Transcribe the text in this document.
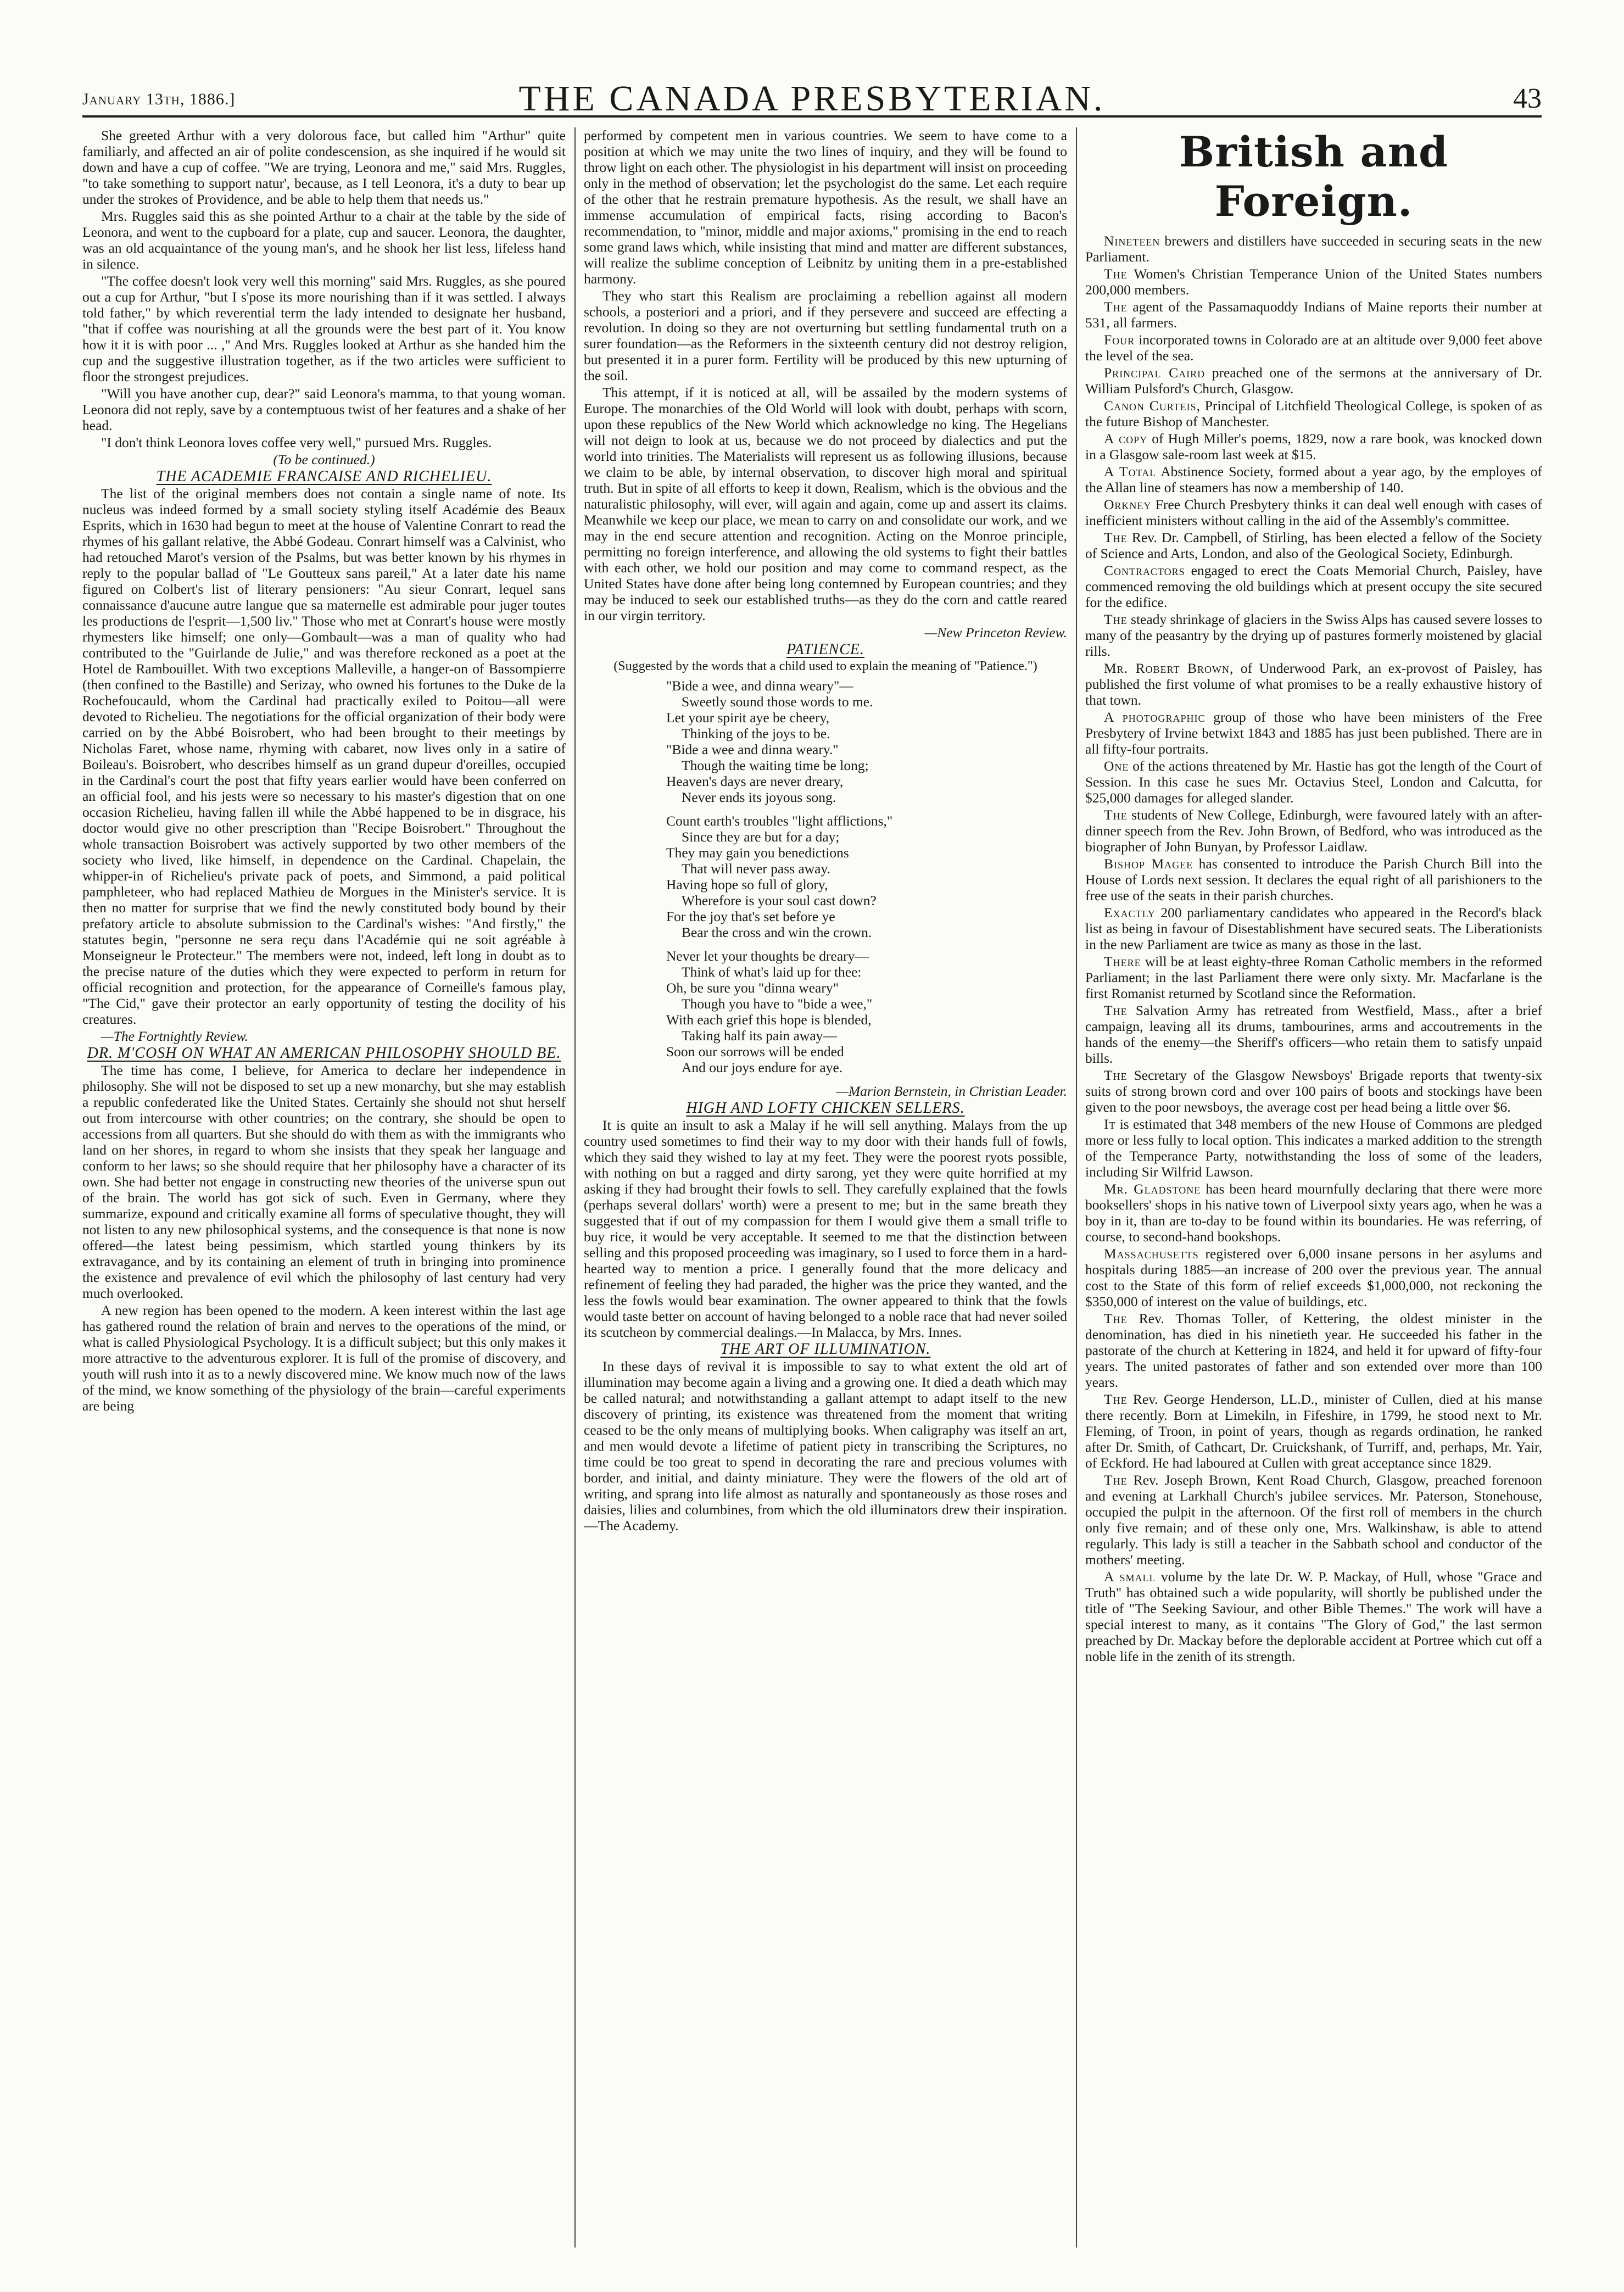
January 13th, 1886.]	THE CANADA PRESBYTERIAN.	43

She greeted Arthur with a very dolorous face, but called him "Arthur" quite familiarly, and affected an air of polite condescension, as she inquired if he would sit down and have a cup of coffee. "We are trying, Leonora and me," said Mrs. Ruggles, "to take something to support natur', because, as I tell Leonora, it's a duty to bear up under the strokes of Providence, and be able to help them that needs us."

Mrs. Ruggles said this as she pointed Arthur to a chair at the table by the side of Leonora, and went to the cupboard for a plate, cup and saucer. Leonora, the daughter, was an old acquaintance of the young man's, and he shook her list less, lifeless hand in silence.

"The coffee doesn't look very well this morning" said Mrs. Ruggles, as she poured out a cup for Arthur, "but I s'pose its more nourishing than if it was settled. I always told father," by which reverential term the lady intended to designate her husband, "that if coffee was nourishing at all the grounds were the best part of it. You know how it it is with poor ... ," And Mrs. Ruggles looked at Arthur as she handed him the cup and the suggestive illustration together, as if the two articles were sufficient to floor the strongest prejudices.

"Will you have another cup, dear?" said Leonora's mamma, to that young woman. Leonora did not reply, save by a contemptuous twist of her features and a shake of her head.

"I don't think Leonora loves coffee very well," pursued Mrs. Ruggles.

(To be continued.)

THE ACADEMIE FRANCAISE AND RICHELIEU.

The list of the original members does not contain a single name of note. Its nucleus was indeed formed by a small society styling itself Académie des Beaux Esprits, which in 1630 had begun to meet at the house of Valentine Conrart to read the rhymes of his gallant relative, the Abbé Godeau. Conrart himself was a Calvinist, who had retouched Marot's version of the Psalms, but was better known by his rhymes in reply to the popular ballad of "Le Goutteux sans pareil," At a later date his name figured on Colbert's list of literary pensioners: "Au sieur Conrart, lequel sans connaissance d'aucune autre langue que sa maternelle est admirable pour juger toutes les productions de l'esprit—1,500 liv." Those who met at Conrart's house were mostly rhymesters like himself; one only—Gombault—was a man of quality who had contributed to the "Guirlande de Julie," and was therefore reckoned as a poet at the Hotel de Rambouillet. With two exceptions Malleville, a hanger-on of Bassompierre (then confined to the Bastille) and Serizay, who owned his fortunes to the Duke de la Rochefoucauld, whom the Cardinal had practically exiled to Poitou—all were devoted to Richelieu. The negotiations for the official organization of their body were carried on by the Abbé Boisrobert, who had been brought to their meetings by Nicholas Faret, whose name, rhyming with cabaret, now lives only in a satire of Boileau's. Boisrobert, who describes himself as un grand dupeur d'oreilles, occupied in the Cardinal's court the post that fifty years earlier would have been conferred on an official fool, and his jests were so necessary to his master's digestion that on one occasion Richelieu, having fallen ill while the Abbé happened to be in disgrace, his doctor would give no other prescription than "Recipe Boisrobert." Throughout the whole transaction Boisrobert was actively supported by two other members of the society who lived, like himself, in dependence on the Cardinal. Chapelain, the whipper-in of Richelieu's private pack of poets, and Simmond, a paid political pamphleteer, who had replaced Mathieu de Morgues in the Minister's service. It is then no matter for surprise that we find the newly constituted body bound by their prefatory article to absolute submission to the Cardinal's wishes: "And firstly," the statutes begin, "personne ne sera reçu dans l'Académie qui ne soit agréable à Monseigneur le Protecteur." The members were not, indeed, left long in doubt as to the precise nature of the duties which they were expected to perform in return for official recognition and protection, for the appearance of Corneille's famous play, "The Cid," gave their protector an early opportunity of testing the docility of his creatures.

—The Fortnightly Review.

DR. M'COSH ON WHAT AN AMERICAN PHILOSOPHY SHOULD BE.

The time has come, I believe, for America to declare her independence in philosophy. She will not be disposed to set up a new monarchy, but she may establish a republic confederated like the United States. Certainly she should not shut herself out from intercourse with other countries; on the contrary, she should be open to accessions from all quarters. But she should do with them as with the immigrants who land on her shores, in regard to whom she insists that they speak her language and conform to her laws; so she should require that her philosophy have a character of its own. She had better not engage in constructing new theories of the universe spun out of the brain. The world has got sick of such. Even in Germany, where they summarize, expound and critically examine all forms of speculative thought, they will not listen to any new philosophical systems, and the consequence is that none is now offered—the latest being pessimism, which startled young thinkers by its extravagance, and by its containing an element of truth in bringing into prominence the existence and prevalence of evil which the philosophy of last century had very much overlooked.

A new region has been opened to the modern. A keen interest within the last age has gathered round the relation of brain and nerves to the operations of the mind, or what is called Physiological Psychology. It is a difficult subject; but this only makes it more attractive to the adventurous explorer. It is full of the promise of discovery, and youth will rush into it as to a newly discovered mine. We know much now of the laws of the mind, we know something of the physiology of the brain—careful experiments are being

performed by competent men in various countries. We seem to have come to a position at which we may unite the two lines of inquiry, and they will be found to throw light on each other. The physiologist in his department will insist on proceeding only in the method of observation; let the psychologist do the same. Let each require of the other that he restrain premature hypothesis. As the result, we shall have an immense accumulation of empirical facts, rising according to Bacon's recommendation, to "minor, middle and major axioms," promising in the end to reach some grand laws which, while insisting that mind and matter are different substances, will realize the sublime conception of Leibnitz by uniting them in a pre-established harmony.

They who start this Realism are proclaiming a rebellion against all modern schools, a posteriori and a priori, and if they persevere and succeed are effecting a revolution. In doing so they are not overturning but settling fundamental truth on a surer foundation—as the Reformers in the sixteenth century did not destroy religion, but presented it in a purer form. Fertility will be produced by this new upturning of the soil.

This attempt, if it is noticed at all, will be assailed by the modern systems of Europe. The monarchies of the Old World will look with doubt, perhaps with scorn, upon these republics of the New World which acknowledge no king. The Hegelians will not deign to look at us, because we do not proceed by dialectics and put the world into trinities. The Materialists will represent us as following illusions, because we claim to be able, by internal observation, to discover high moral and spiritual truth. But in spite of all efforts to keep it down, Realism, which is the obvious and the naturalistic philosophy, will ever, will again and again, come up and assert its claims. Meanwhile we keep our place, we mean to carry on and consolidate our work, and we may in the end secure attention and recognition. Acting on the Monroe principle, permitting no foreign interference, and allowing the old systems to fight their battles with each other, we hold our position and may come to command respect, as the United States have done after being long contemned by European countries; and they may be induced to seek our established truths—as they do the corn and cattle reared in our virgin territory.

—New Princeton Review.

PATIENCE.

(Suggested by the words that a child used to explain the meaning of "Patience.")

"Bide a wee, and dinna weary"—
Sweetly sound those words to me.
Let your spirit aye be cheery,
Thinking of the joys to be.
"Bide a wee and dinna weary."
Though the waiting time be long;
Heaven's days are never dreary,
Never ends its joyous song.
Count earth's troubles "light afflictions,"
Since they are but for a day;
They may gain you benedictions
That will never pass away.
Having hope so full of glory,
Wherefore is your soul cast down?
For the joy that's set before ye
Bear the cross and win the crown.
Never let your thoughts be dreary—
Think of what's laid up for thee:
Oh, be sure you "dinna weary"
Though you have to "bide a wee,"
With each grief this hope is blended,
Taking half its pain away—
Soon our sorrows will be ended
And our joys endure for aye.

—Marion Bernstein, in Christian Leader.

HIGH AND LOFTY CHICKEN SELLERS.

It is quite an insult to ask a Malay if he will sell anything. Malays from the up country used sometimes to find their way to my door with their hands full of fowls, which they said they wished to lay at my feet. They were the poorest ryots possible, with nothing on but a ragged and dirty sarong, yet they were quite horrified at my asking if they had brought their fowls to sell. They carefully explained that the fowls (perhaps several dollars' worth) were a present to me; but in the same breath they suggested that if out of my compassion for them I would give them a small trifle to buy rice, it would be very acceptable. It seemed to me that the distinction between selling and this proposed proceeding was imaginary, so I used to force them in a hard-hearted way to mention a price. I generally found that the more delicacy and refinement of feeling they had paraded, the higher was the price they wanted, and the less the fowls would bear examination. The owner appeared to think that the fowls would taste better on account of having belonged to a noble race that had never soiled its scutcheon by commercial dealings.—In Malacca, by Mrs. Innes.

THE ART OF ILLUMINATION.

In these days of revival it is impossible to say to what extent the old art of illumination may become again a living and a growing one. It died a death which may be called natural; and notwithstanding a gallant attempt to adapt itself to the new discovery of printing, its existence was threatened from the moment that writing ceased to be the only means of multiplying books. When caligraphy was itself an art, and men would devote a lifetime of patient piety in transcribing the Scriptures, no time could be too great to spend in decorating the rare and precious volumes with border, and initial, and dainty miniature. They were the flowers of the old art of writing, and sprang into life almost as naturally and spontaneously as those roses and daisies, lilies and columbines, from which the old illuminators drew their inspiration.—The Academy.

British and Foreign.

Nineteen brewers and distillers have succeeded in securing seats in the new Parliament.

The Women's Christian Temperance Union of the United States numbers 200,000 members.

The agent of the Passamaquoddy Indians of Maine reports their number at 531, all farmers.

Four incorporated towns in Colorado are at an altitude over 9,000 feet above the level of the sea.

Principal Caird preached one of the sermons at the anniversary of Dr. William Pulsford's Church, Glasgow.

Canon Curteis, Principal of Litchfield Theological College, is spoken of as the future Bishop of Manchester.

A copy of Hugh Miller's poems, 1829, now a rare book, was knocked down in a Glasgow sale-room last week at $15.

A Total Abstinence Society, formed about a year ago, by the employes of the Allan line of steamers has now a membership of 140.

Orkney Free Church Presbytery thinks it can deal well enough with cases of inefficient ministers without calling in the aid of the Assembly's committee.

The Rev. Dr. Campbell, of Stirling, has been elected a fellow of the Society of Science and Arts, London, and also of the Geological Society, Edinburgh.

Contractors engaged to erect the Coats Memorial Church, Paisley, have commenced removing the old buildings which at present occupy the site secured for the edifice.

The steady shrinkage of glaciers in the Swiss Alps has caused severe losses to many of the peasantry by the drying up of pastures formerly moistened by glacial rills.

Mr. Robert Brown, of Underwood Park, an ex-provost of Paisley, has published the first volume of what promises to be a really exhaustive history of that town.

A photographic group of those who have been ministers of the Free Presbytery of Irvine betwixt 1843 and 1885 has just been published. There are in all fifty-four portraits.

One of the actions threatened by Mr. Hastie has got the length of the Court of Session. In this case he sues Mr. Octavius Steel, London and Calcutta, for $25,000 damages for alleged slander.

The students of New College, Edinburgh, were favoured lately with an after-dinner speech from the Rev. John Brown, of Bedford, who was introduced as the biographer of John Bunyan, by Professor Laidlaw.

Bishop Magee has consented to introduce the Parish Church Bill into the House of Lords next session. It declares the equal right of all parishioners to the free use of the seats in their parish churches.

Exactly 200 parliamentary candidates who appeared in the Record's black list as being in favour of Disestablishment have secured seats. The Liberationists in the new Parliament are twice as many as those in the last.

There will be at least eighty-three Roman Catholic members in the reformed Parliament; in the last Parliament there were only sixty. Mr. Macfarlane is the first Romanist returned by Scotland since the Reformation.

The Salvation Army has retreated from Westfield, Mass., after a brief campaign, leaving all its drums, tambourines, arms and accoutrements in the hands of the enemy—the Sheriff's officers—who retain them to satisfy unpaid bills.

The Secretary of the Glasgow Newsboys' Brigade reports that twenty-six suits of strong brown cord and over 100 pairs of boots and stockings have been given to the poor newsboys, the average cost per head being a little over $6.

It is estimated that 348 members of the new House of Commons are pledged more or less fully to local option. This indicates a marked addition to the strength of the Temperance Party, notwithstanding the loss of some of the leaders, including Sir Wilfrid Lawson.

Mr. Gladstone has been heard mournfully declaring that there were more booksellers' shops in his native town of Liverpool sixty years ago, when he was a boy in it, than are to-day to be found within its boundaries. He was referring, of course, to second-hand bookshops.

Massachusetts registered over 6,000 insane persons in her asylums and hospitals during 1885—an increase of 200 over the previous year. The annual cost to the State of this form of relief exceeds $1,000,000, not reckoning the $350,000 of interest on the value of buildings, etc.

The Rev. Thomas Toller, of Kettering, the oldest minister in the denomination, has died in his ninetieth year. He succeeded his father in the pastorate of the church at Kettering in 1824, and held it for upward of fifty-four years. The united pastorates of father and son extended over more than 100 years.

The Rev. George Henderson, LL.D., minister of Cullen, died at his manse there recently. Born at Limekiln, in Fifeshire, in 1799, he stood next to Mr. Fleming, of Troon, in point of years, though as regards ordination, he ranked after Dr. Smith, of Cathcart, Dr. Cruickshank, of Turriff, and, perhaps, Mr. Yair, of Eckford. He had laboured at Cullen with great acceptance since 1829.

The Rev. Joseph Brown, Kent Road Church, Glasgow, preached forenoon and evening at Larkhall Church's jubilee services. Mr. Paterson, Stonehouse, occupied the pulpit in the afternoon. Of the first roll of members in the church only five remain; and of these only one, Mrs. Walkinshaw, is able to attend regularly. This lady is still a teacher in the Sabbath school and conductor of the mothers' meeting.

A small volume by the late Dr. W. P. Mackay, of Hull, whose "Grace and Truth" has obtained such a wide popularity, will shortly be published under the title of "The Seeking Saviour, and other Bible Themes." The work will have a special interest to many, as it contains "The Glory of God," the last sermon preached by Dr. Mackay before the deplorable accident at Portree which cut off a noble life in the zenith of its strength.
